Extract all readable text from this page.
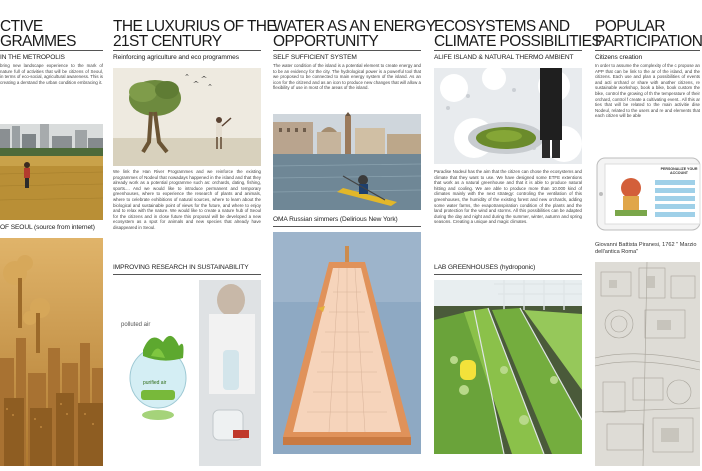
CTIVE
GRAMMES
IN THE METROPOLIS
bring new landscape experience to the mark of nature full of activities that will be citizens of Seoul, in terms of eco-social, agricultural awareness. This is creating a derstand the urban condition embracing it.
OF SEOUL (source from internet)
THE LUXURIUS OF THE
21ST CENTURY
Reinforcing agriculture and eco programmes
We link the Han River Programmes and we reinforce the existing programmes of Nodeul that nowadays happened in the island and that they already work as a potential programme such as: orchards, dating, fishing, sports.... And we would like to introduce permanent and temporary greenhouses, where to experience the research of plants and animals, where to celebrate exhibitions of natural sources, where to learn about the biological and sustainable point of views for the future, and where to enjoy and to relax with the nature. We would like to create a nature hub of Seoul for the citizens and in close future this proposal will be developed a new ecosystem as a spot for animals and new species that already have disappeared in Seoul.
IMPROVING RESEARCH IN SUSTAINABILITY
polluted air
purified air
WATER AS AN ENERGY
OPPORTUNITY
SELF SUFFICIENT SYSTEM
The water condition of the island is a potential element to create energy and to be an evidency for the city. The hydrological power is a powerful tool that we proposed to be connected to main energy system of the island. As an icon for the citizend and as an icon to produce new changes that will allow a flexibility of use in most of the areas of the island.
OMA Russian simmers (Delirious New York)
ECOSYSTEMS AND
CLIMATE POSSIBILITIES
ALIFE ISLAND & NATURAL THERMO AMBIENT
Paradise Nodeul has the aim that the citizen can chose the ecosystems and climate that they want to use. We have designed some ETFE extentions that work as a natural greenhouse and that it is able to produce natural hitting and cooling. We are able to produce more than 10.000 kind of climates mainly with the next strategy: controling the ventilation of this greenhouses, the humidity of the existing forest and new orchards, adding some water farms, the evapotranspiration condition of the plants and the land protection for the wind and storms. All this possibilities can be adapted during the day and night and during the summer, winter, autumn and spring seasons. Creating a unique and magic climates.
LAB GREENHOUSES (hydroponic)
POPULAR
PARTICIPATION
Citizens creation
In order to assume the complexity of the c propose an APP that can be link to the ar of the island, and the citizens. Each use and plan a possibilities of events and acti orchard or share with another citizens, re sustainable workshop, book a bike, book custom the bike, control the growing of th the temperature of their orchard, control f create a cultivating event.. All this ar ties that will be related to the main activitie dise Nodeul, related to the users and re and elements that each citizen will be able
PERSONALIZE YOUR ACCOUNT
Giovanni Battista Piranesi, 1762 " Marzio dell'antica Roma"
